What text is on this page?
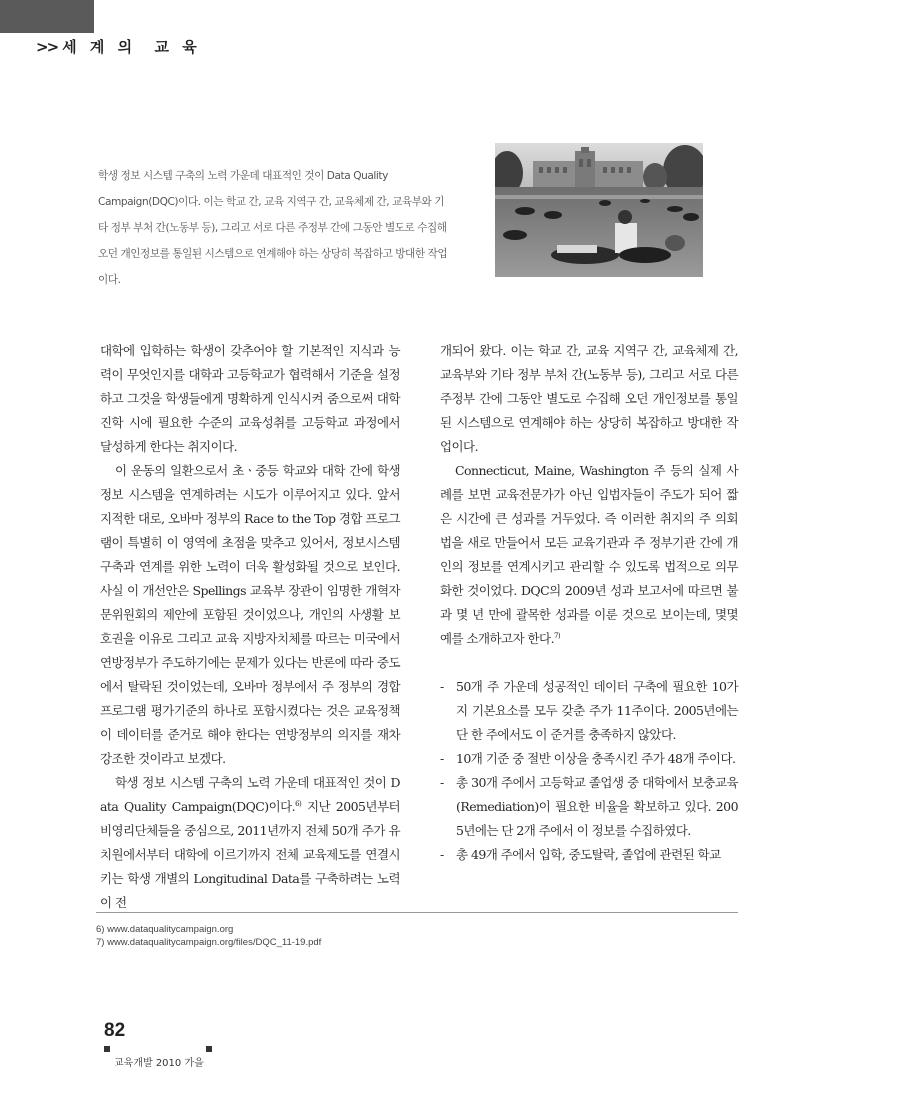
>> 세 계 의  교 육
학생 정보 시스템 구축의 노력 가운데 대표적인 것이 Data Quality Campaign(DQC)이다. 이는 학교 간, 교육 지역구 간, 교육체제 간, 교육부와 기타 정부 부처 간(노동부 등), 그리고 서로 다른 주정부 간에 그동안 별도로 수집해 오던 개인정보를 통일된 시스템으로 연계해야 하는 상당히 복잡하고 방대한 작업이다.

대학에 입학하는 학생이 갖추어야 할 기본적인 지식과 능력이 무엇인지를 대학과 고등학교가 협력해서 기준을 설정하고 그것을 학생들에게 명확하게 인식시켜 줌으로써 대학진학 시에 필요한 수준의 교육성취를 고등학교 과정에서 달성하게 한다는 취지이다.

이 운동의 일환으로서 초ㆍ중등 학교와 대학 간에 학생정보 시스템을 연계하려는 시도가 이루어지고 있다. 앞서 지적한 대로, 오바마 정부의 Race to the Top 경합 프로그램이 특별히 이 영역에 초점을 맞추고 있어서, 정보시스템 구축과 연계를 위한 노력이 더욱 활성화될 것으로 보인다. 사실 이 개선안은 Spellings 교육부 장관이 임명한 개혁자문위원회의 제안에 포함된 것이었으나, 개인의 사생활 보호권을 이유로 그리고 교육 지방자치체를 따르는 미국에서 연방정부가 주도하기에는 문제가 있다는 반론에 따라 중도에서 탈락된 것이었는데, 오바마 정부에서 주 정부의 경합 프로그램 평가기준의 하나로 포함시켰다는 것은 교육정책이 데이터를 준거로 해야 한다는 연방정부의 의지를 재차 강조한 것이라고 보겠다.

학생 정보 시스템 구축의 노력 가운데 대표적인 것이 Data Quality Campaign(DQC)이다.$^{6)}$ 지난 2005년부터 비영리단체들을 중심으로, 2011년까지 전체 50개 주가 유치원에서부터 대학에 이르기까지 전체 교육제도를 연결시키는 학생 개별의 Longitudinal Data를 구축하려는 노력이 전

개되어 왔다. 이는 학교 간, 교육 지역구 간, 교육체제 간, 교육부와 기타 정부 부처 간(노동부 등), 그리고 서로 다른 주정부 간에 그동안 별도로 수집해 오던 개인정보를 통일된 시스템으로 연계해야 하는 상당히 복잡하고 방대한 작업이다.

Connecticut, Maine, Washington 주 등의 실제 사례를 보면 교육전문가가 아닌 입법자들이 주도가 되어 짧은 시간에 큰 성과를 거두었다. 즉 이러한 취지의 주 의회법을 새로 만들어서 모든 교육기관과 주 정부기관 간에 개인의 정보를 연계시키고 관리할 수 있도록 법적으로 의무화한 것이었다. DQC의 2009년 성과 보고서에 따르면 불과 몇 년 만에 괄목한 성과를 이룬 것으로 보이는데, 몇몇 예를 소개하고자 한다.$^{7)}$

- 50개 주 가운데 성공적인 데이터 구축에 필요한 10가지 기본요소를 모두 갖춘 주가 11주이다. 2005년에는 단 한 주에서도 이 준거를 충족하지 않았다.
- 10개 기준 중 절반 이상을 충족시킨 주가 48개 주이다.
- 총 30개 주에서 고등학교 졸업생 중 대학에서 보충교육(Remediation)이 필요한 비율을 확보하고 있다. 2005년에는 단 2개 주에서 이 정보를 수집하였다.
- 총 49개 주에서 입학, 중도탈락, 졸업에 관련된 학교
6) www.dataqualitycampaign.org
7) www.dataqualitycampaign.org/files/DQC_11-19.pdf
82
교육개발 2010 가을
